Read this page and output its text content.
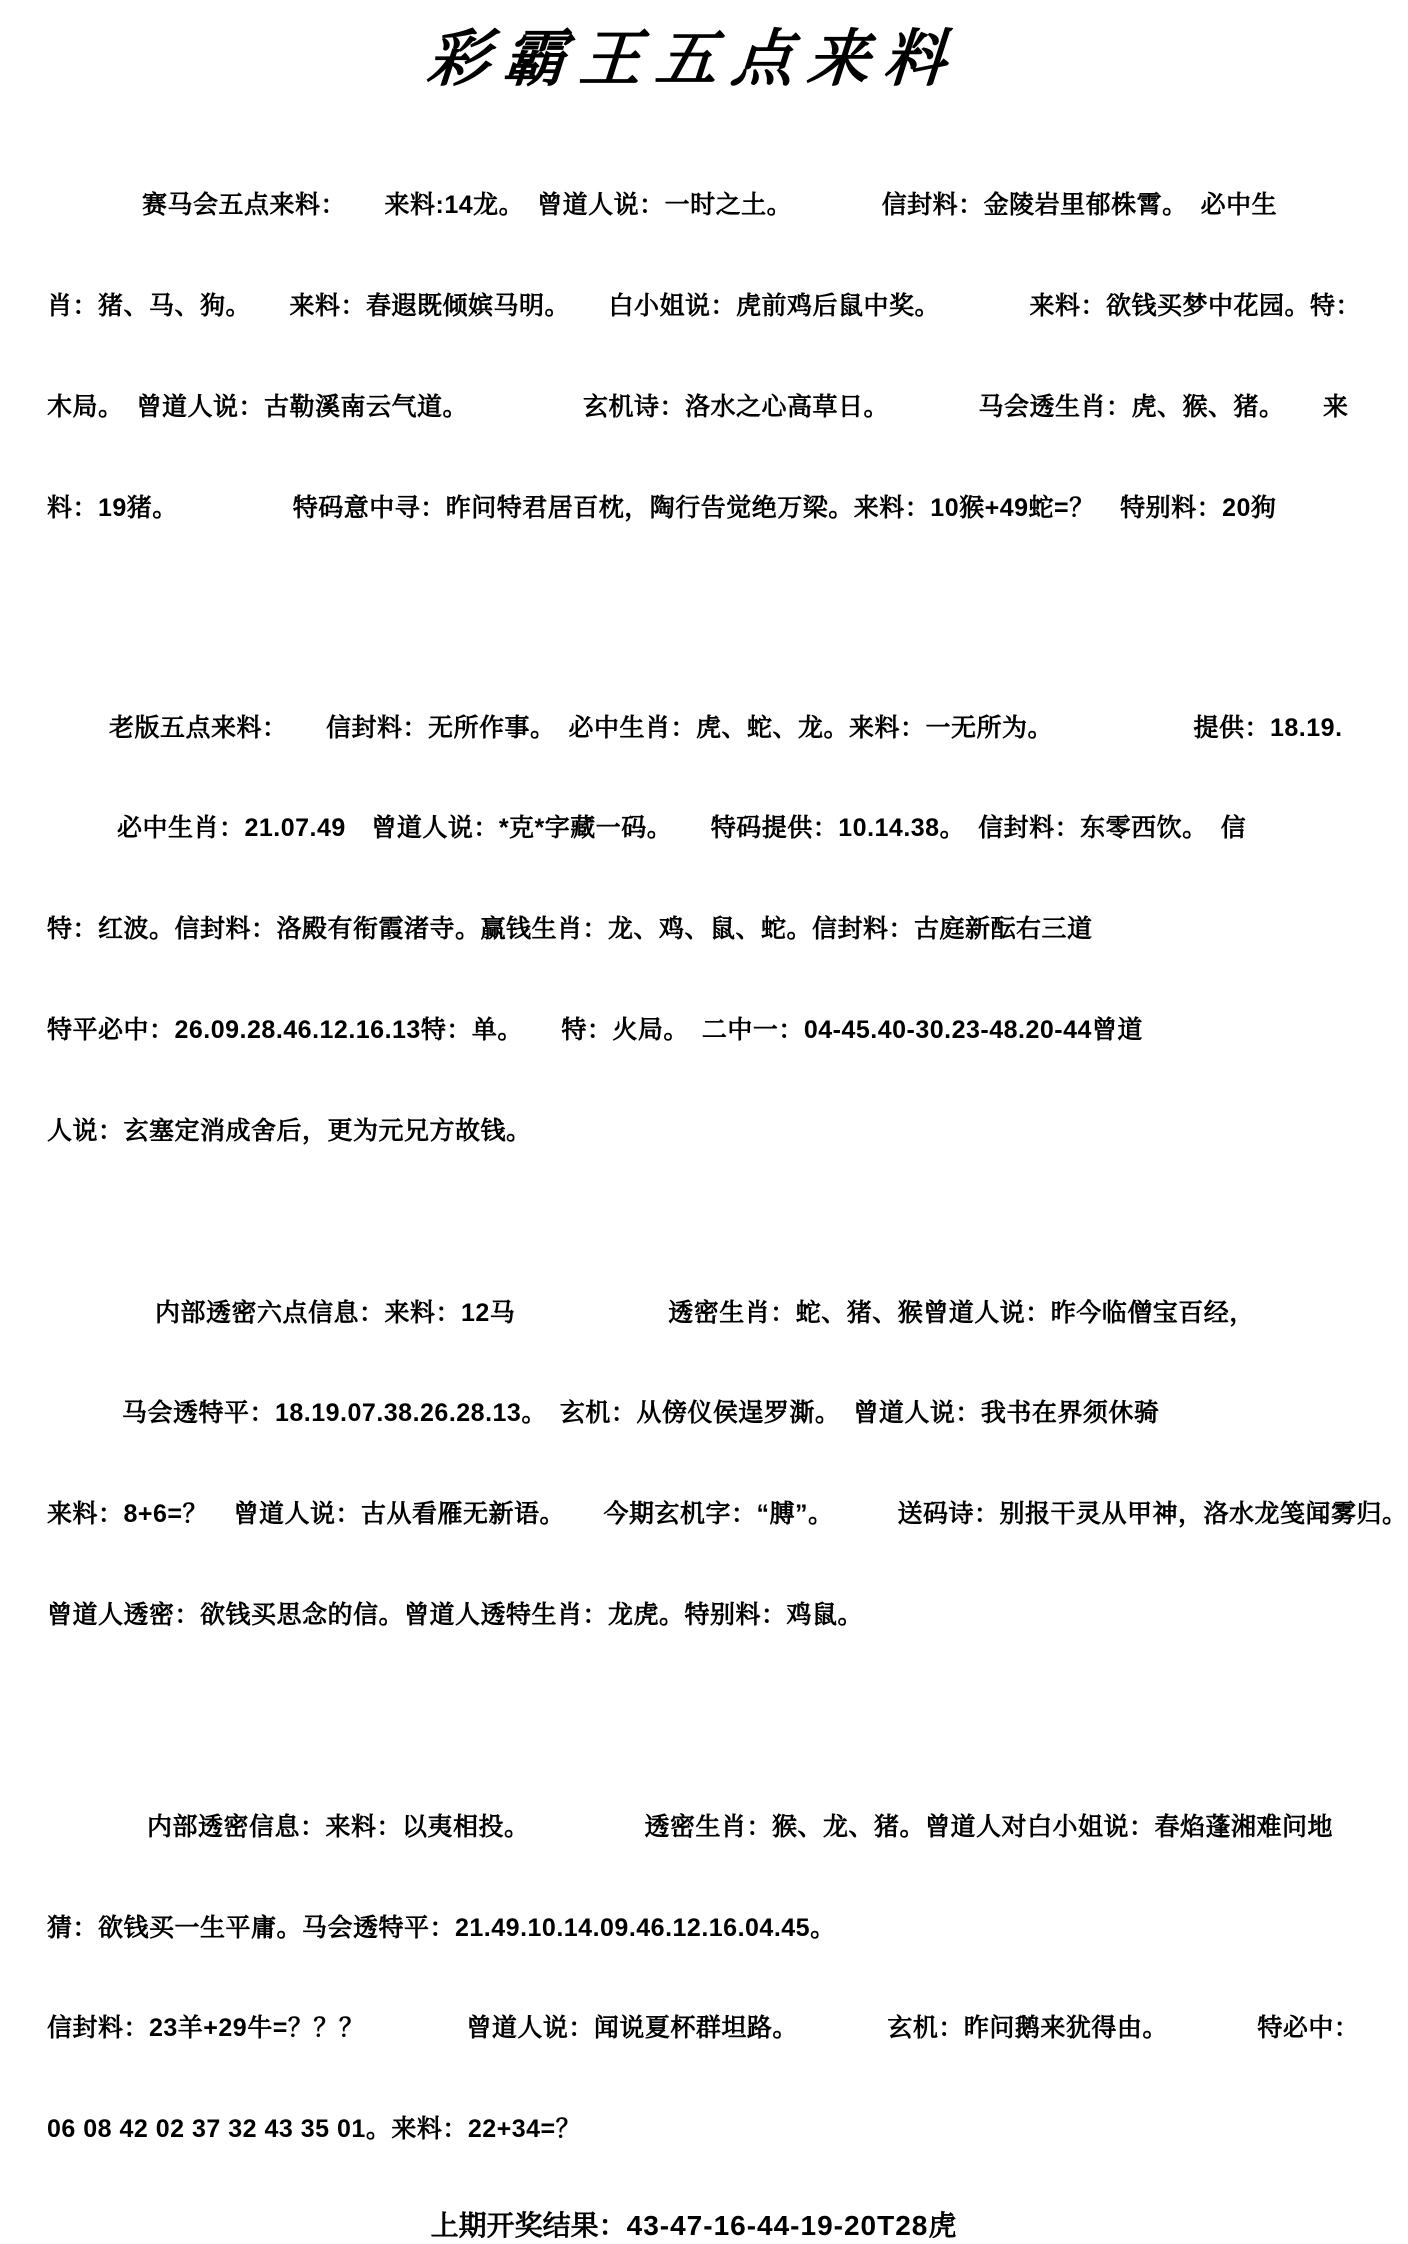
彩霸王五点来料

赛马会五点来料：　　来料:14龙。　曾道人说：一时之土。　　　　信封料：金陵岩里郁株霄。　必中生

肖：猪、马、狗。　　来料：春遐既倾嫔马明。　　白小姐说：虎前鸡后鼠中奖。　　　　来料：欲钱买梦中花园。特：

木局。　曾道人说：古勒溪南云气道。　　　　　玄机诗：洛水之心高草日。　　　　马会透生肖：虎、猴、猪。　　来

料：19猪。　　　　　特码意中寻：昨问特君居百枕，陶行告觉绝万梁。来料：10猴+49蛇=？　特别料：20狗

老版五点来料：　　信封料：无所作事。　必中生肖：虎、蛇、龙。来料：一无所为。　　　　　　提供：18.19.

必中生肖：21.07.49　曾道人说：*克*字藏一码。　　特码提供：10.14.38。　信封料：东零西饮。　信

特：红波。信封料：洛殿有衔霞渚寺。赢钱生肖：龙、鸡、鼠、蛇。信封料：古庭新酝右三道

特平必中：26.09.28.46.12.16.13特：单。　　特：火局。　二中一：04-45.40-30.23-48.20-44曾道

人说：玄塞定消成舍后，更为元兄方故钱。

内部透密六点信息：来料：12马　　　　　　透密生肖：蛇、猪、猴曾道人说：昨今临僧宝百经，

马会透特平：18.19.07.38.26.28.13。　玄机：从傍仪侯逞罗澌。　曾道人说：我书在界须休骑

来料：8+6=？　曾道人说：古从看雁无新语。　　今期玄机字：“膊”。　　　送码诗：别报干灵从甲神，洛水龙笺闻雾归。

曾道人透密：欲钱买思念的信。曾道人透特生肖：龙虎。特别料：鸡鼠。

内部透密信息：来料：以夷相投。　　　　　透密生肖：猴、龙、猪。曾道人对白小姐说：春焰蓬湘难问地

猜：欲钱买一生平庸。马会透特平：21.49.10.14.09.46.12.16.04.45。

信封料：23羊+29牛=？？？　　　　曾道人说：闻说夏杯群坦路。　　　　玄机：昨问鹅来犹得由。　　　　特必中：

06 08 42 02 37 32 43 35 01。来料：22+34=？

上期开奖结果：43-47-16-44-19-20T28虎
